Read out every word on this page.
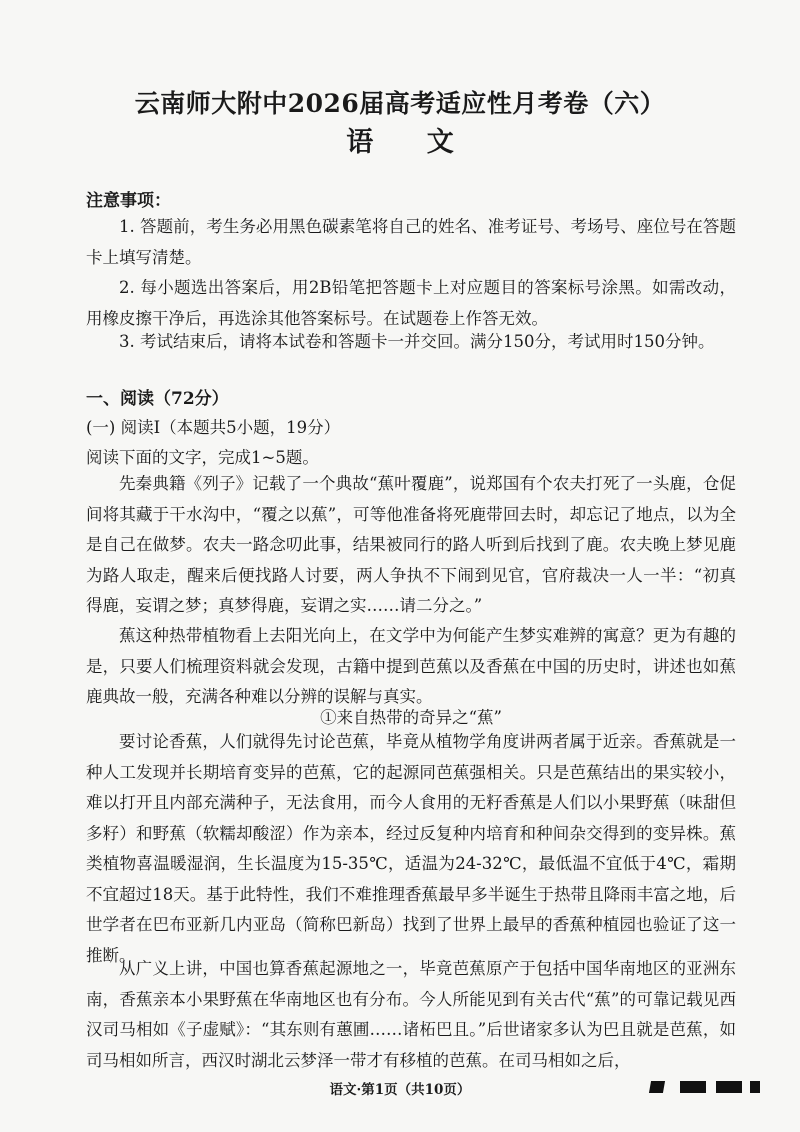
云南师大附中2026届高考适应性月考卷（六）
语 文
注意事项：

1. 答题前，考生务必用黑色碳素笔将自己的姓名、准考证号、考场号、座位号在答题卡上填写清楚。

2. 每小题选出答案后，用2B铅笔把答题卡上对应题目的答案标号涂黑。如需改动，用橡皮擦干净后，再选涂其他答案标号。在试题卷上作答无效。

3. 考试结束后，请将本试卷和答题卡一并交回。满分150分，考试用时150分钟。

一、阅读（72分）
(一) 阅读Ⅰ（本题共5小题，19分）
阅读下面的文字，完成1~5题。

先秦典籍《列子》记载了一个典故“蕉叶覆鹿”，说郑国有个农夫打死了一头鹿，仓促间将其藏于干水沟中，“覆之以蕉”，可等他准备将死鹿带回去时，却忘记了地点，以为全是自己在做梦。农夫一路念叨此事，结果被同行的路人听到后找到了鹿。农夫晚上梦见鹿为路人取走，醒来后便找路人讨要，两人争执不下闹到见官，官府裁决一人一半：“初真得鹿，妄谓之梦；真梦得鹿，妄谓之实……请二分之。”

蕉这种热带植物看上去阳光向上，在文学中为何能产生梦实难辨的寓意？更为有趣的是，只要人们梳理资料就会发现，古籍中提到芭蕉以及香蕉在中国的历史时，讲述也如蕉鹿典故一般，充满各种难以分辨的误解与真实。

①来自热带的奇异之“蕉”

要讨论香蕉，人们就得先讨论芭蕉，毕竟从植物学角度讲两者属于近亲。香蕉就是一种人工发现并长期培育变异的芭蕉，它的起源同芭蕉强相关。只是芭蕉结出的果实较小，难以打开且内部充满种子，无法食用，而今人食用的无籽香蕉是人们以小果野蕉（味甜但多籽）和野蕉（软糯却酸涩）作为亲本，经过反复种内培育和种间杂交得到的变异株。蕉类植物喜温暖湿润，生长温度为15-35℃，适温为24-32℃，最低温不宜低于4℃，霜期不宜超过18天。基于此特性，我们不难推理香蕉最早多半诞生于热带且降雨丰富之地，后世学者在巴布亚新几内亚岛（简称巴新岛）找到了世界上最早的香蕉种植园也验证了这一推断。

从广义上讲，中国也算香蕉起源地之一，毕竟芭蕉原产于包括中国华南地区的亚洲东南，香蕉亲本小果野蕉在华南地区也有分布。今人所能见到有关古代“蕉”的可靠记载见西汉司马相如《子虚赋》：“其东则有蕙圃……诸柘巴且。”后世诸家多认为巴且就是芭蕉，如司马相如所言，西汉时湖北云梦泽一带才有移植的芭蕉。在司马相如之后，

语文·第1页（共10页）
